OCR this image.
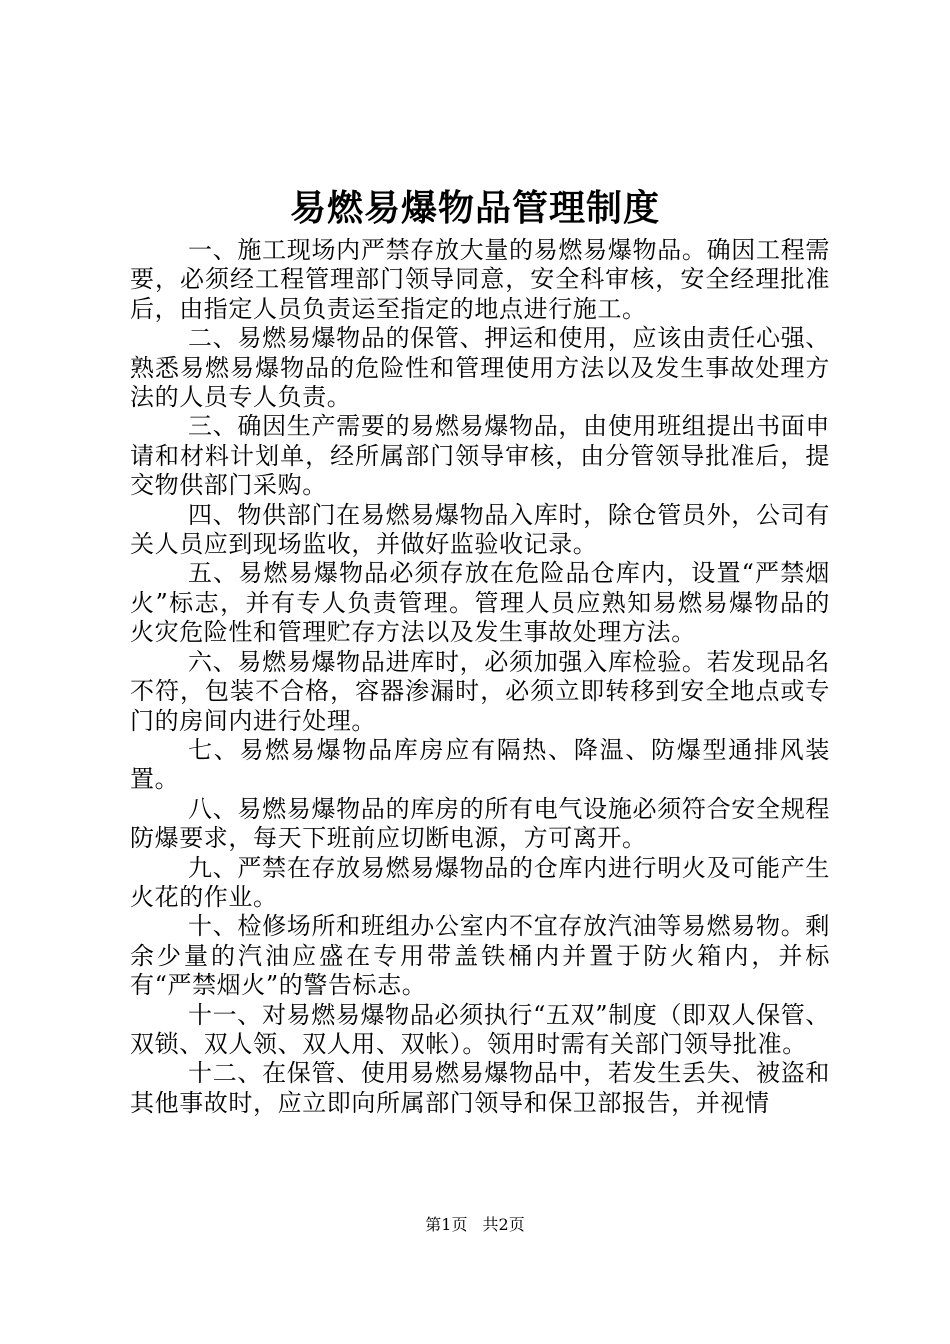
易燃易爆物品管理制度

一、施工现场内严禁存放大量的易燃易爆物品。确因工程需要，必须经工程管理部门领导同意，安全科审核，安全经理批准后，由指定人员负责运至指定的地点进行施工。

二、易燃易爆物品的保管、押运和使用，应该由责任心强、熟悉易燃易爆物品的危险性和管理使用方法以及发生事故处理方法的人员专人负责。

三、确因生产需要的易燃易爆物品，由使用班组提出书面申请和材料计划单，经所属部门领导审核，由分管领导批准后，提交物供部门采购。

四、物供部门在易燃易爆物品入库时，除仓管员外，公司有关人员应到现场监收，并做好监验收记录。

五、易燃易爆物品必须存放在危险品仓库内，设置“严禁烟火”标志，并有专人负责管理。管理人员应熟知易燃易爆物品的火灾危险性和管理贮存方法以及发生事故处理方法。

六、易燃易爆物品进库时，必须加强入库检验。若发现品名不符，包装不合格，容器渗漏时，必须立即转移到安全地点或专门的房间内进行处理。

七、易燃易爆物品库房应有隔热、降温、防爆型通排风装置。

八、易燃易爆物品的库房的所有电气设施必须符合安全规程防爆要求，每天下班前应切断电源，方可离开。

九、严禁在存放易燃易爆物品的仓库内进行明火及可能产生火花的作业。

十、检修场所和班组办公室内不宜存放汽油等易燃易物。剩余少量的汽油应盛在专用带盖铁桶内并置于防火箱内，并标有“严禁烟火”的警告标志。

十一、对易燃易爆物品必须执行“五双”制度（即双人保管、双锁、双人领、双人用、双帐）。领用时需有关部门领导批准。

十二、在保管、使用易燃易爆物品中，若发生丢失、被盗和其他事故时，应立即向所属部门领导和保卫部报告，并视情

第1页 共2页
